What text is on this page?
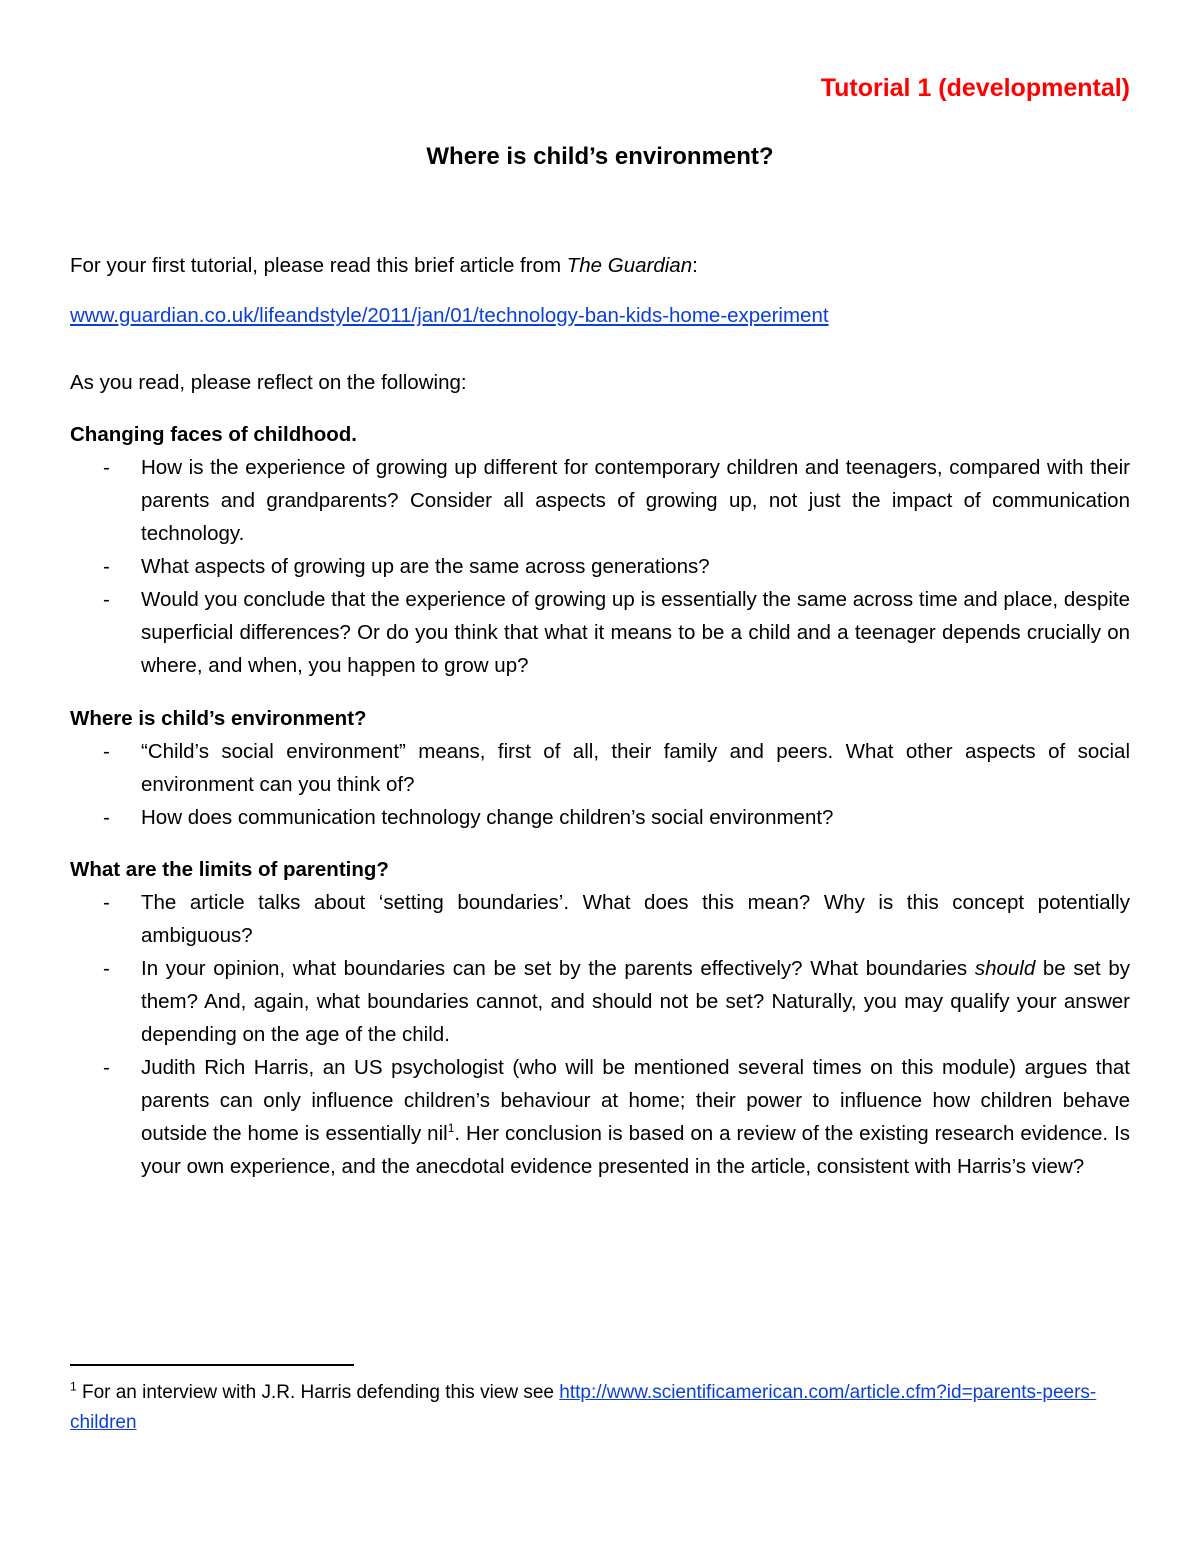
Tutorial 1 (developmental)
Where is child’s environment?
For your first tutorial, please read this brief article from The Guardian:
www.guardian.co.uk/lifeandstyle/2011/jan/01/technology-ban-kids-home-experiment
As you read, please reflect on the following:
Changing faces of childhood.
- How is the experience of growing up different for contemporary children and teenagers, compared with their parents and grandparents? Consider all aspects of growing up, not just the impact of communication technology.
- What aspects of growing up are the same across generations?
- Would you conclude that the experience of growing up is essentially the same across time and place, despite superficial differences? Or do you think that what it means to be a child and a teenager depends crucially on where, and when, you happen to grow up?
Where is child’s environment?
- “Child’s social environment” means, first of all, their family and peers. What other aspects of social environment can you think of?
- How does communication technology change children’s social environment?
What are the limits of parenting?
- The article talks about ‘setting boundaries’. What does this mean? Why is this concept potentially ambiguous?
- In your opinion, what boundaries can be set by the parents effectively? What boundaries should be set by them? And, again, what boundaries cannot, and should not be set? Naturally, you may qualify your answer depending on the age of the child.
- Judith Rich Harris, an US psychologist (who will be mentioned several times on this module) argues that parents can only influence children’s behaviour at home; their power to influence how children behave outside the home is essentially nil$^1$. Her conclusion is based on a review of the existing research evidence. Is your own experience, and the anecdotal evidence presented in the article, consistent with Harris’s view?
$^1$ For an interview with J.R. Harris defending this view see http://www.scientificamerican.com/article.cfm?id=parents-peers-children
